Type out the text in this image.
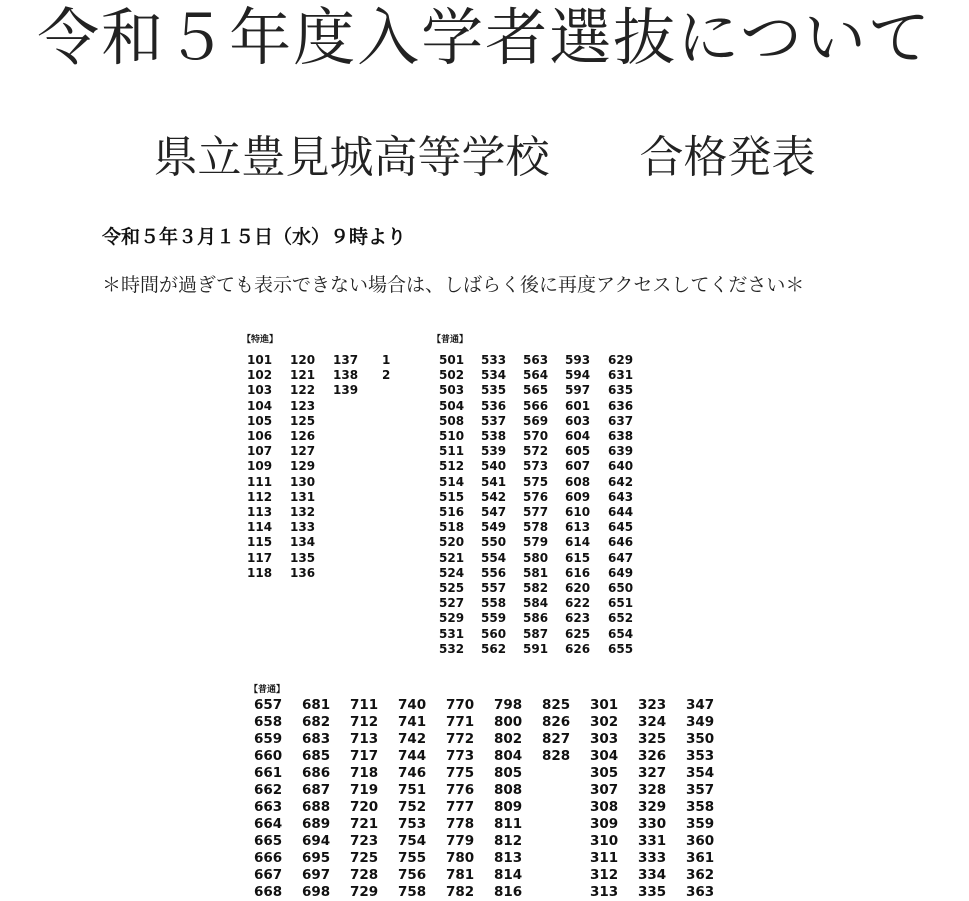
令和５年度入学者選抜について
県立豊見城高等学校 合格発表
令和５年３月１５日（水）９時より
＊時間が過ぎても表示できない場合は、しばらく後に再度アクセスしてください＊
【特進】
101
102
103
104
105
106
107
109
111
112
113
114
115
117
118
120
121
122
123
125
126
127
129
130
131
132
133
134
135
136
137
138
139
1
2
【普通】
501
502
503
504
508
510
511
512
514
515
516
518
520
521
524
525
527
529
531
532
533
534
535
536
537
538
539
540
541
542
547
549
550
554
556
557
558
559
560
562
563
564
565
566
569
570
572
573
575
576
577
578
579
580
581
582
584
586
587
591
593
594
597
601
603
604
605
607
608
609
610
613
614
615
616
620
622
623
625
626
629
631
635
636
637
638
639
640
642
643
644
645
646
647
649
650
651
652
654
655
【普通】
657
658
659
660
661
662
663
664
665
666
667
668
681
682
683
685
686
687
688
689
694
695
697
698
711
712
713
717
718
719
720
721
723
725
728
729
740
741
742
744
746
751
752
753
754
755
756
758
770
771
772
773
775
776
777
778
779
780
781
782
798
800
802
804
805
808
809
811
812
813
814
816
825
826
827
828
301
302
303
304
305
307
308
309
310
311
312
313
323
324
325
326
327
328
329
330
331
333
334
335
347
349
350
353
354
357
358
359
360
361
362
363
